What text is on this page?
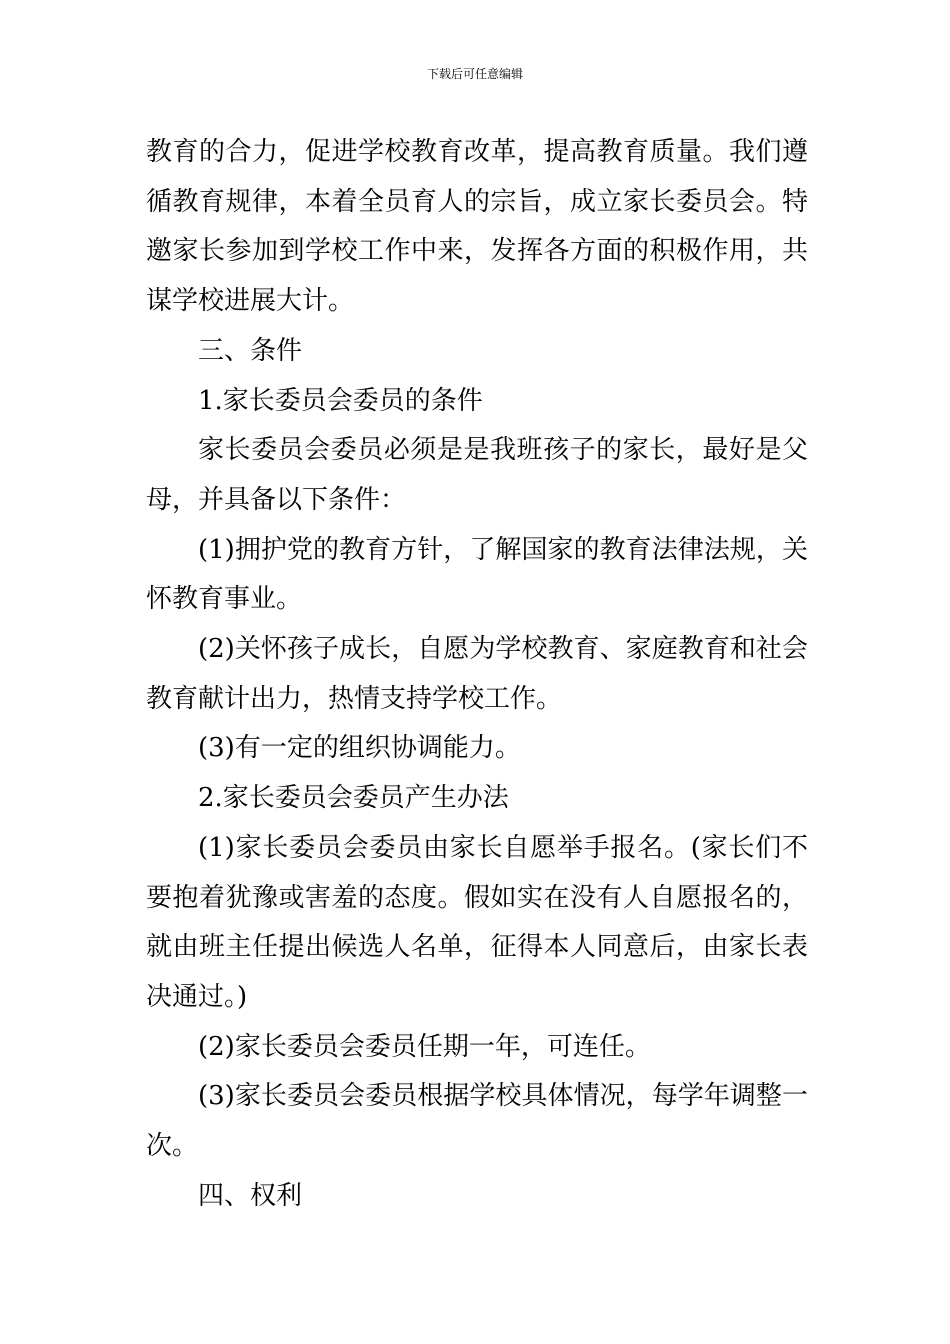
下载后可任意编辑

教育的合力，促进学校教育改革，提高教育质量。我们遵循教育规律，本着全员育人的宗旨，成立家长委员会。特邀家长参加到学校工作中来，发挥各方面的积极作用，共谋学校进展大计。

三、条件

1.家长委员会委员的条件

家长委员会委员必须是是我班孩子的家长，最好是父母，并具备以下条件：

(1)拥护党的教育方针，了解国家的教育法律法规，关怀教育事业。

(2)关怀孩子成长，自愿为学校教育、家庭教育和社会教育献计出力，热情支持学校工作。

(3)有一定的组织协调能力。

2.家长委员会委员产生办法

(1)家长委员会委员由家长自愿举手报名。(家长们不要抱着犹豫或害羞的态度。假如实在没有人自愿报名的，就由班主任提出候选人名单，征得本人同意后，由家长表决通过。)

(2)家长委员会委员任期一年，可连任。

(3)家长委员会委员根据学校具体情况，每学年调整一次。

四、权利
